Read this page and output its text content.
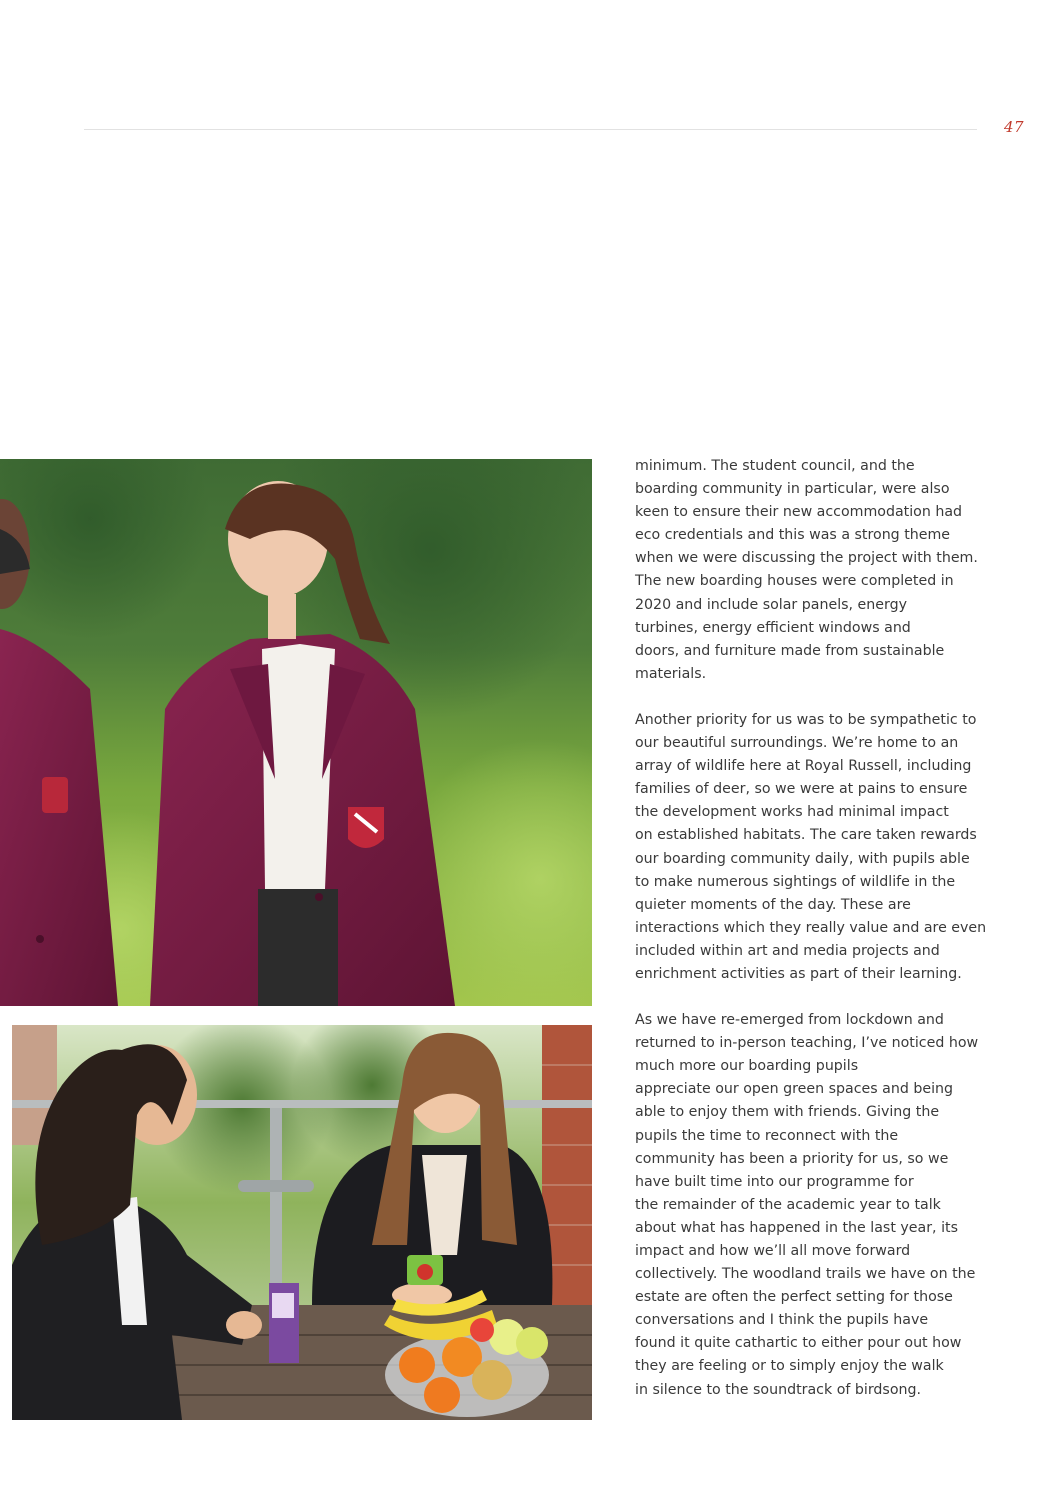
47

minimum. The student council, and the
boarding community in particular, were also
keen to ensure their new accommodation had
eco credentials and this was a strong theme
when we were discussing the project with them.
The new boarding houses were completed in
2020 and include solar panels, energy
turbines, energy efficient windows and
doors, and furniture made from sustainable
materials.

Another priority for us was to be sympathetic to
our beautiful surroundings. We’re home to an
array of wildlife here at Royal Russell, including
families of deer, so we were at pains to ensure
the development works had minimal impact
on established habitats. The care taken rewards
our boarding community daily, with pupils able
to make numerous sightings of wildlife in the
quieter moments of the day. These are
interactions which they really value and are even
included within art and media projects and
enrichment activities as part of their learning.

As we have re-emerged from lockdown and
returned to in-person teaching, I’ve noticed how
much more our boarding pupils
appreciate our open green spaces and being
able to enjoy them with friends. Giving the
pupils the time to reconnect with the
community has been a priority for us, so we
have built time into our programme for
the remainder of the academic year to talk
about what has happened in the last year, its
impact and how we’ll all move forward
collectively. The woodland trails we have on the
estate are often the perfect setting for those
conversations and I think the pupils have
found it quite cathartic to either pour out how
they are feeling or to simply enjoy the walk
in silence to the soundtrack of birdsong.
